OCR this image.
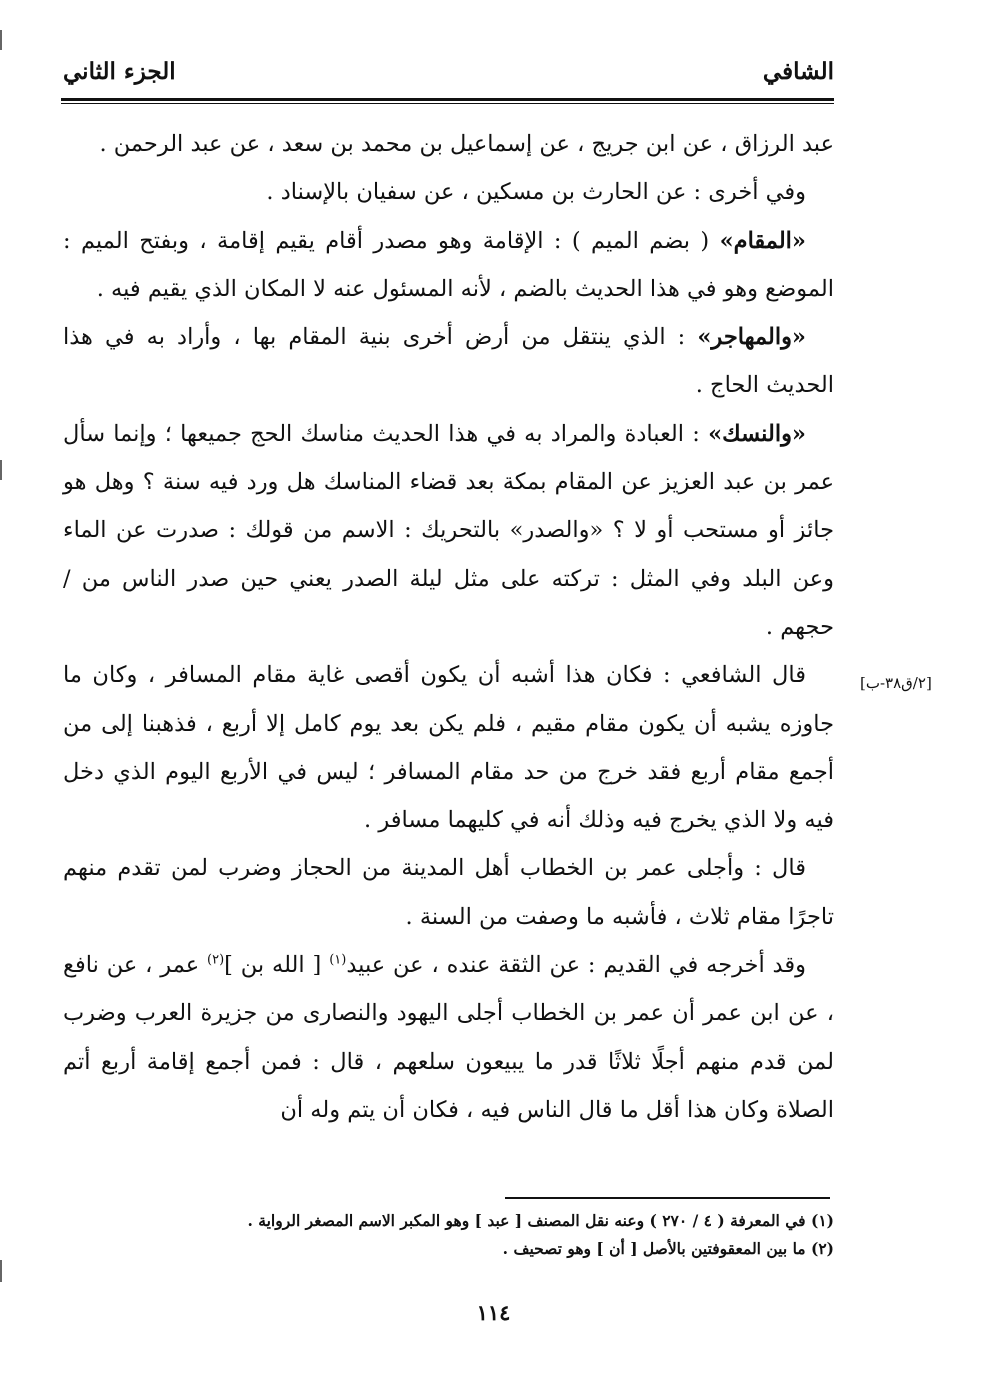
الشافي
الجزء الثاني

عبد الرزاق ، عن ابن جريج ، عن إسماعيل بن محمد بن سعد ، عن عبد الرحمن .

وفي أخرى : عن الحارث بن مسكين ، عن سفيان بالإسناد .

«المقام» ( بضم الميم ) : الإقامة وهو مصدر أقام يقيم إقامة ، وبفتح الميم : الموضع وهو في هذا الحديث بالضم ، لأنه المسئول عنه لا المكان الذي يقيم فيه .

«والمهاجر» : الذي ينتقل من أرض أخرى بنية المقام بها ، وأراد به في هذا الحديث الحاج .

«والنسك» : العبادة والمراد به في هذا الحديث مناسك الحج جميعها ؛ وإنما سأل عمر بن عبد العزيز عن المقام بمكة بعد قضاء المناسك هل ورد فيه سنة ؟ وهل هو جائز أو مستحب أو لا ؟ «والصدر» بالتحريك : الاسم من قولك : صدرت عن الماء وعن البلد وفي المثل : تركته على مثل ليلة الصدر يعني حين صدر الناس من / حجهم .

قال الشافعي : فكان هذا أشبه أن يكون أقصى غاية مقام المسافر ، وكان ما جاوزه يشبه أن يكون مقام مقيم ، فلم يكن بعد يوم كامل إلا أربع ، فذهبنا إلى من أجمع مقام أربع فقد خرج من حد مقام المسافر ؛ ليس في الأربع اليوم الذي دخل فيه ولا الذي يخرج فيه وذلك أنه في كليهما مسافر .

قال : وأجلى عمر بن الخطاب أهل المدينة من الحجاز وضرب لمن تقدم منهم تاجرًا مقام ثلاث ، فأشبه ما وصفت من السنة .

وقد أخرجه في القديم : عن الثقة عنده ، عن عبيد$^{(١)}$ [ الله بن ]$^{(٢)}$ عمر ، عن نافع ، عن ابن عمر أن عمر بن الخطاب أجلى اليهود والنصارى من جزيرة العرب وضرب لمن قدم منهم أجلًا ثلاثًا قدر ما يبيعون سلعهم ، قال : فمن أجمع إقامة أربع أتم الصلاة وكان هذا أقل ما قال الناس فيه ، فكان أن يتم وله أن

[٢/ق٣٨-ب]

(١) في المعرفة ( ٤ / ٢٧٠ ) وعنه نقل المصنف [ عبد ] وهو المكبر الاسم المصغر الرواية .

(٢) ما بين المعقوفتين بالأصل [ أن ] وهو تصحيف .

١١٤
